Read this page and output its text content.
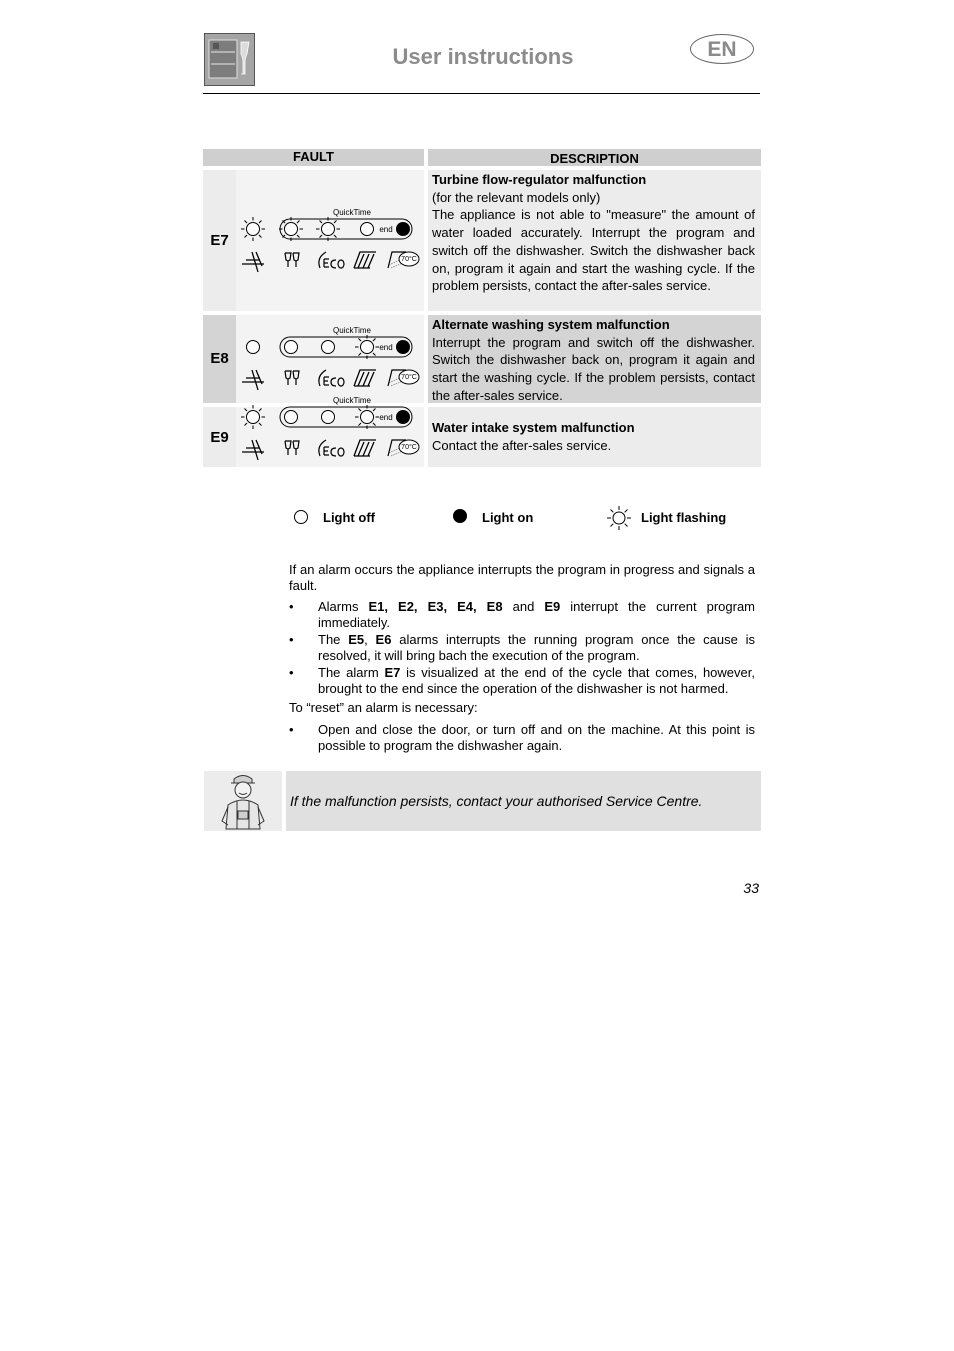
User instructions	EN
FAULT	DESCRIPTION
E7
QuickTime
end
70°C
Turbine flow-regulator malfunction
(for the relevant models only)
The appliance is not able to "measure" the amount of water loaded accurately. Interrupt the program and switch off the dishwasher. Switch the dishwasher back on, program it again and start the washing cycle. If the problem persists, contact the after-sales service.
E8
QuickTime
end
70°C
Alternate washing system malfunction
Interrupt the program and switch off the dishwasher. Switch the dishwasher back on, program it again and start the washing cycle. If the problem persists, contact the after-sales service.
E9
QuickTime
end
70°C
Water intake system malfunction
Contact the after-sales service.
Light off	Light on	Light flashing
If an alarm occurs the appliance interrupts the program in progress and signals a fault.
• Alarms E1, E2, E3, E4, E8 and E9 interrupt the current program immediately.
• The E5, E6 alarms interrupts the running program once the cause is resolved, it will bring bach the execution of the program.
• The alarm E7 is visualized at the end of the cycle that comes, however, brought to the end since the operation of the dishwasher is not harmed.
To “reset” an alarm is necessary:
• Open and close the door, or turn off and on the machine. At this point is possible to program the dishwasher again.
If the malfunction persists, contact your authorised Service Centre.
33
